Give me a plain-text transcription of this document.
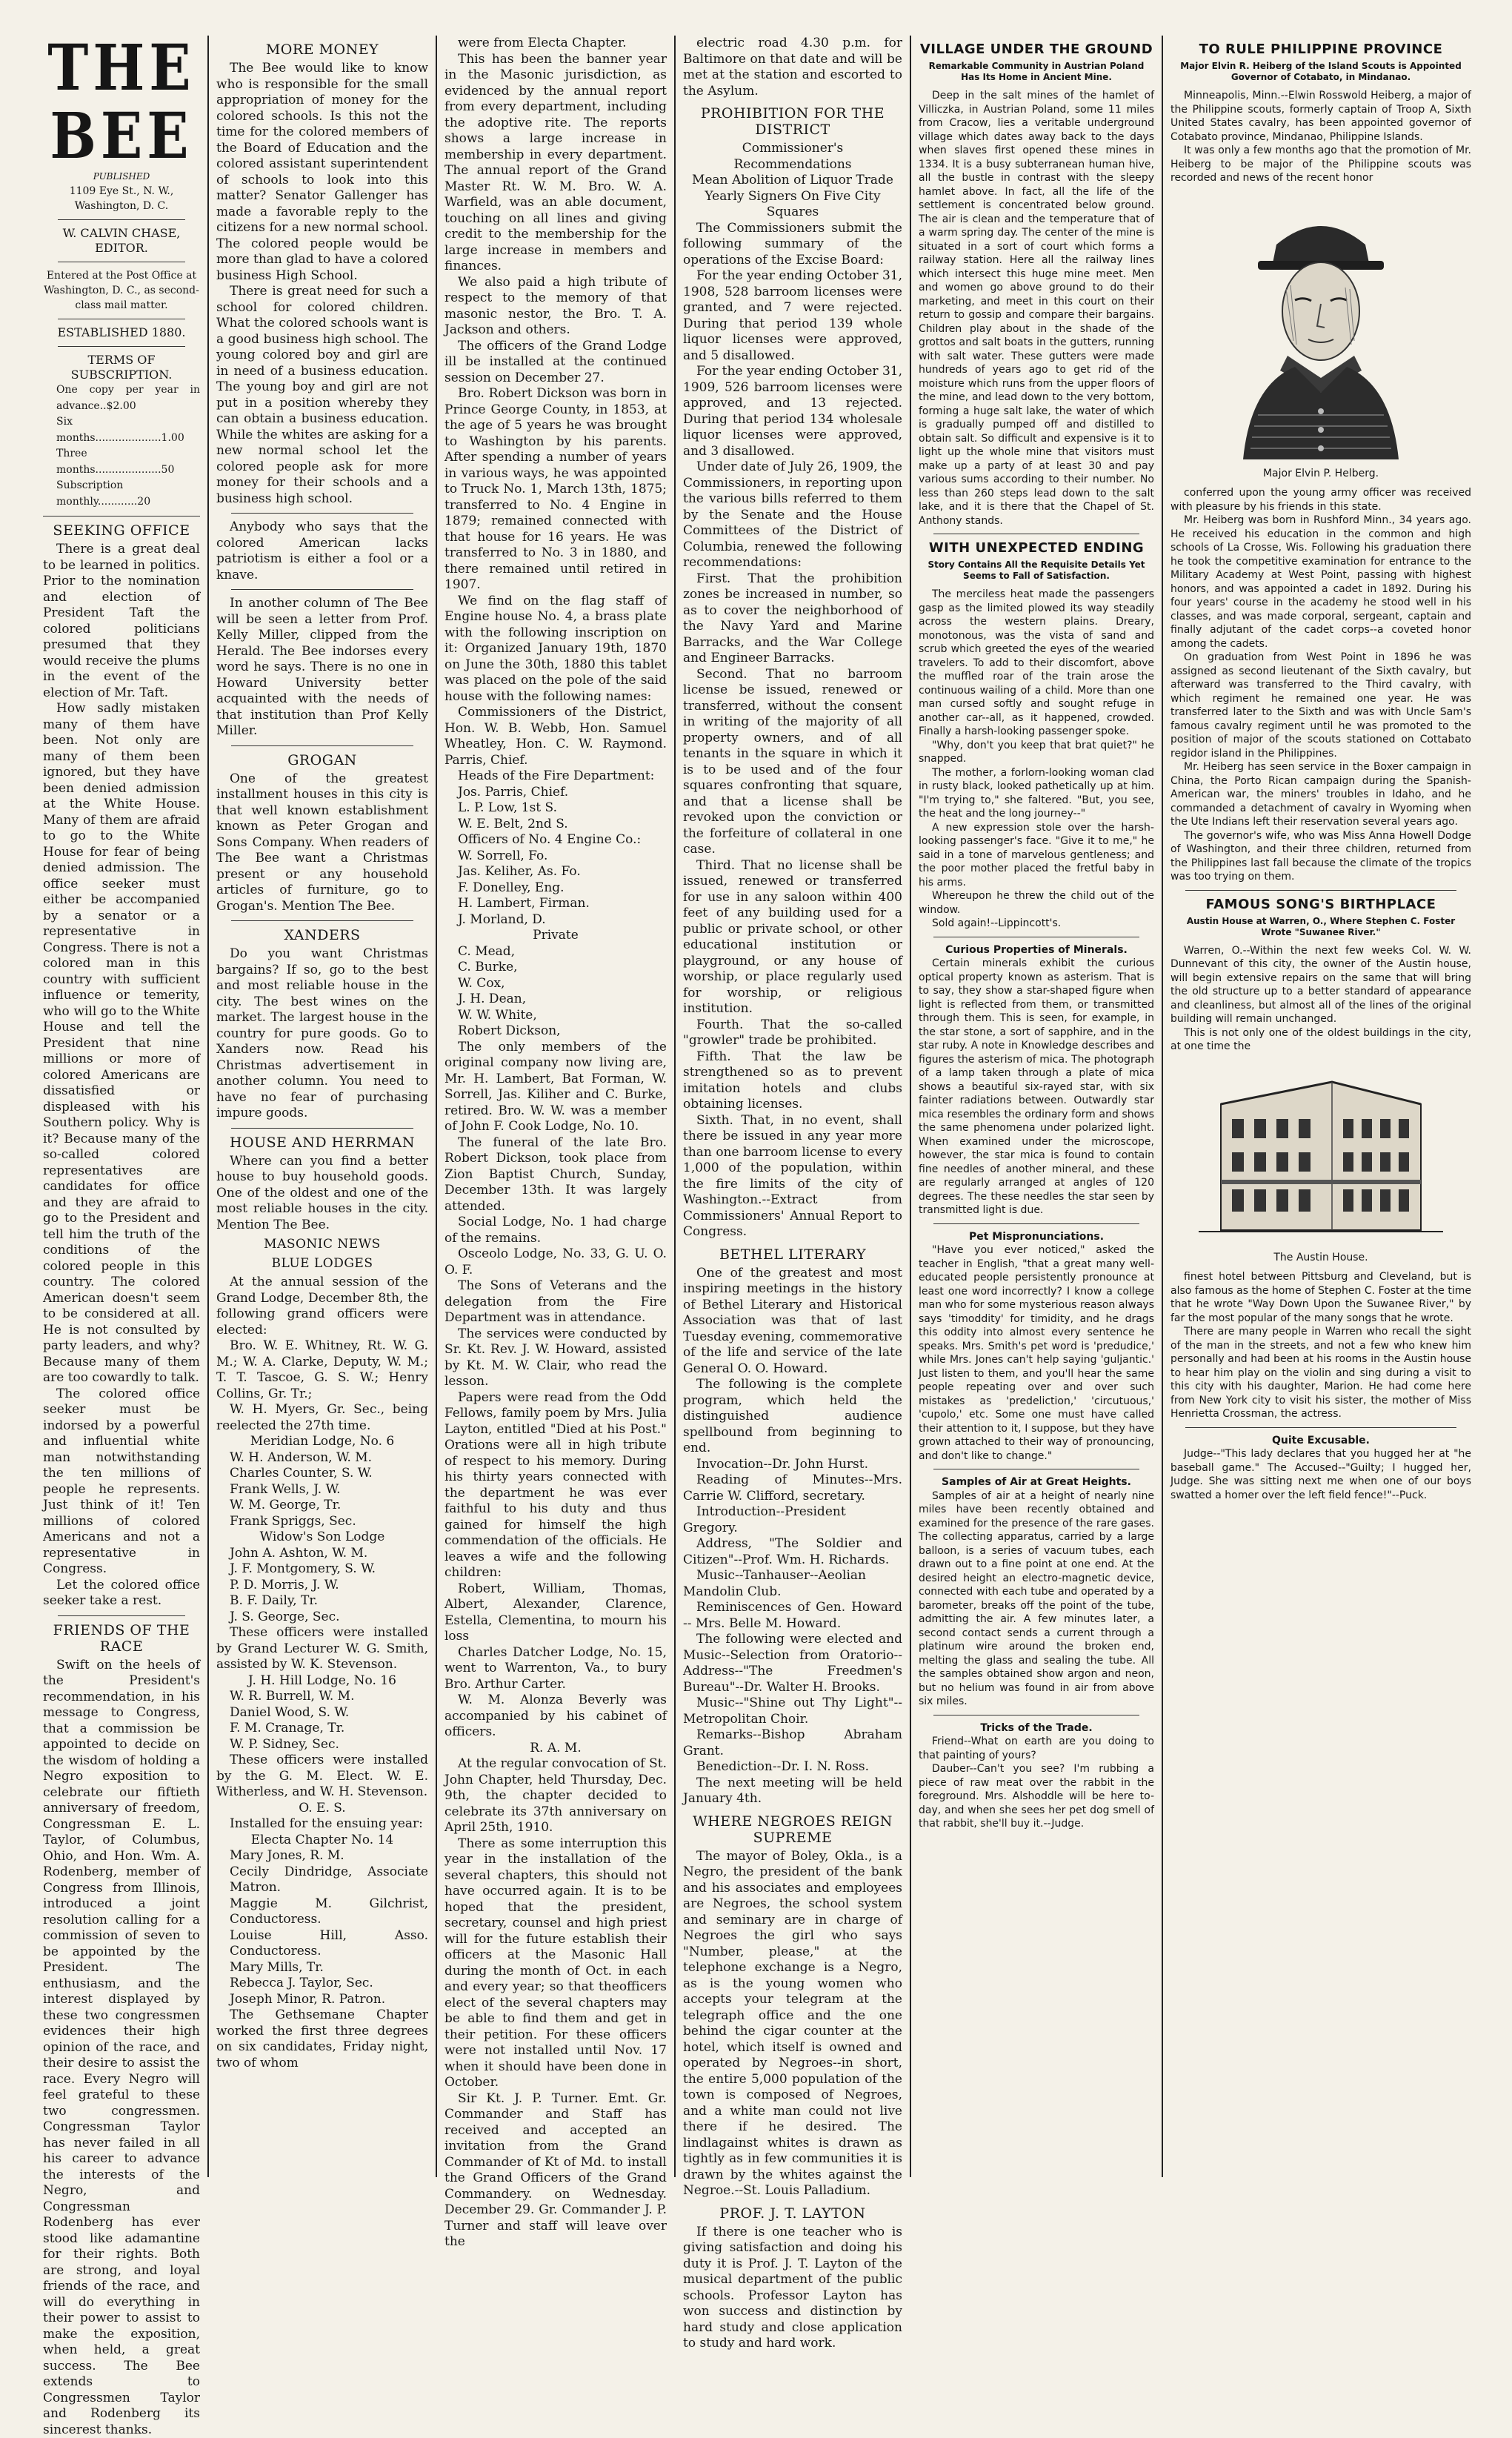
THE BEE

PUBLISHED

1109 Eye St., N. W., Washington, D. C.

W. CALVIN CHASE, EDITOR.

Entered at the Post Office at Washington, D. C., as second-class mail matter.

ESTABLISHED 1880.

TERMS OF SUBSCRIPTION.

One copy per year in advance..$2.00

Six months....................1.00

Three months....................50

Subscription monthly............20

SEEKING OFFICE

There is a great deal to be learned in politics. Prior to the nomination and election of President Taft the colored politicians presumed that they would receive the plums in the event of the election of Mr. Taft.

How sadly mistaken many of them have been. Not only are many of them been ignored, but they have been denied admission at the White House. Many of them are afraid to go to the White House for fear of being denied admission. The office seeker must either be accompanied by a senator or a representative in Congress. There is not a colored man in this country with sufficient influence or temerity, who will go to the White House and tell the President that nine millions or more of colored Americans are dissatisfied or displeased with his Southern policy. Why is it? Because many of the so-called colored representatives are candidates for office and they are afraid to go to the President and tell him the truth of the conditions of the colored people in this country. The colored American doesn't seem to be considered at all. He is not consulted by party leaders, and why? Because many of them are too cowardly to talk.

The colored office seeker must be indorsed by a powerful and influential white man notwithstanding the ten millions of people he represents. Just think of it! Ten millions of colored Americans and not a representative in Congress.

Let the colored office seeker take a rest.

FRIENDS OF THE RACE

Swift on the heels of the President's recommendation, in his message to Congress, that a commission be appointed to decide on the wisdom of holding a Negro exposition to celebrate our fiftieth anniversary of freedom, Congressman E. L. Taylor, of Columbus, Ohio, and Hon. Wm. A. Rodenberg, member of Congress from Illinois, introduced a joint resolution calling for a commission of seven to be appointed by the President. The enthusiasm, and the interest displayed by these two congressmen evidences their high opinion of the race, and their desire to assist the race. Every Negro will feel grateful to these two congressmen. Congressman Taylor has never failed in all his career to advance the interests of the Negro, and Congressman Rodenberg has ever stood like adamantine for their rights. Both are strong, and loyal friends of the race, and will do everything in their power to assist to make the exposition, when held, a great success. The Bee extends to Congressmen Taylor and Rodenberg its sincerest thanks.

MORE MONEY

The Bee would like to know who is responsible for the small appropriation of money for the colored schools. Is this not the time for the colored members of the Board of Education and the colored assistant superintendent of schools to look into this matter? Senator Gallenger has made a favorable reply to the citizens for a new normal school. The colored people would be more than glad to have a colored business High School.

There is great need for such a school for colored children. What the colored schools want is a good business high school. The young colored boy and girl are in need of a business education. The young boy and girl are not put in a position whereby they can obtain a business education. While the whites are asking for a new normal school let the colored people ask for more money for their schools and a business high school.

Anybody who says that the colored American lacks patriotism is either a fool or a knave.

In another column of The Bee will be seen a letter from Prof. Kelly Miller, clipped from the Herald. The Bee indorses every word he says. There is no one in Howard University better acquainted with the needs of that institution than Prof Kelly Miller.

GROGAN

One of the greatest installment houses in this city is that well known establishment known as Peter Grogan and Sons Company. When readers of The Bee want a Christmas present or any household articles of furniture, go to Grogan's. Mention The Bee.

XANDERS

Do you want Christmas bargains? If so, go to the best and most reliable house in the city. The best wines on the market. The largest house in the country for pure goods. Go to Xanders now. Read his Christmas advertisement in another column. You need to have no fear of purchasing impure goods.

HOUSE AND HERRMAN

Where can you find a better house to buy household goods. One of the oldest and one of the most reliable houses in the city. Mention The Bee.

MASONIC NEWS
BLUE LODGES

At the annual session of the Grand Lodge, December 8th, the following grand officers were elected:

Bro. W. E. Whitney, Rt. W. G. M.; W. A. Clarke, Deputy, W. M.; T. T. Tascoe, G. S. W.; Henry Collins, Gr. Tr.;

W. H. Myers, Gr. Sec., being reelected the 27th time.

Meridian Lodge, No. 6

W. H. Anderson, W. M.

Charles Counter, S. W.

Frank Wells, J. W.

W. M. George, Tr.

Frank Spriggs, Sec.

Widow's Son Lodge

John A. Ashton, W. M.

J. F. Montgomery, S. W.

P. D. Morris, J. W.

B. F. Daily, Tr.

J. S. George, Sec.

These officers were installed by Grand Lecturer W. G. Smith, assisted by W. K. Stevenson.

J. H. Hill Lodge, No. 16

W. R. Burrell, W. M.

Daniel Wood, S. W.

F. M. Cranage, Tr.

W. P. Sidney, Sec.

These officers were installed by the G. M. Elect. W. E. Witherless, and W. H. Stevenson.

O. E. S.

Installed for the ensuing year:

Electa Chapter No. 14

Mary Jones, R. M.

Cecily Dindridge, Associate Matron.

Maggie M. Gilchrist, Conductoress.

Louise Hill, Asso. Conductoress.

Mary Mills, Tr.

Rebecca J. Taylor, Sec.

Joseph Minor, R. Patron.

The Gethsemane Chapter worked the first three degrees on six candidates, Friday night, two of whom

were from Electa Chapter.

This has been the banner year in the Masonic jurisdiction, as evidenced by the annual report from every department, including the adoptive rite. The reports shows a large increase in membership in every department. The annual report of the Grand Master Rt. W. M. Bro. W. A. Warfield, was an able document, touching on all lines and giving credit to the membership for the large increase in members and finances.

We also paid a high tribute of respect to the memory of that masonic nestor, the Bro. T. A. Jackson and others.

The officers of the Grand Lodge ill be installed at the continued session on December 27.

Bro. Robert Dickson was born in Prince George County, in 1853, at the age of 5 years he was brought to Washington by his parents. After spending a number of years in various ways, he was appointed to Truck No. 1, March 13th, 1875; transferred to No. 4 Engine in 1879; remained connected with that house for 16 years. He was transferred to No. 3 in 1880, and there remained until retired in 1907.

We find on the flag staff of Engine house No. 4, a brass plate with the following inscription on it: Organized January 19th, 1870 on June the 30th, 1880 this tablet was placed on the pole of the said house with the following names:

Commissioners of the District, Hon. W. B. Webb, Hon. Samuel Wheatley, Hon. C. W. Raymond. Parris, Chief.

Heads of the Fire Department:

Jos. Parris, Chief.

L. P. Low, 1st S.

W. E. Belt, 2nd S.

Officers of No. 4 Engine Co.:

W. Sorrell, Fo.

Jas. Keliher, As. Fo.

F. Donelley, Eng.

H. Lambert, Firman.

J. Morland, D.

Private

C. Mead,

C. Burke,

W. Cox,

J. H. Dean,

W. W. White,

Robert Dickson,

The only members of the original company now living are, Mr. H. Lambert, Bat Forman, W. Sorrell, Jas. Kiliher and C. Burke, retired. Bro. W. W. was a member of John F. Cook Lodge, No. 10.

The funeral of the late Bro. Robert Dickson, took place from Zion Baptist Church, Sunday, December 13th. It was largely attended.

Social Lodge, No. 1 had charge of the remains.

Osceolo Lodge, No. 33, G. U. O. O. F.

The Sons of Veterans and the delegation from the Fire Department was in attendance.

The services were conducted by Sr. Kt. Rev. J. W. Howard, assisted by Kt. M. W. Clair, who read the lesson.

Papers were read from the Odd Fellows, family poem by Mrs. Julia Layton, entitled "Died at his Post." Orations were all in high tribute of respect to his memory. During his thirty years connected with the department he was ever faithful to his duty and thus gained for himself the high commendation of the officials. He leaves a wife and the following children:

Robert, William, Thomas, Albert, Alexander, Clarence, Estella, Clementina, to mourn his loss

Charles Datcher Lodge, No. 15, went to Warrenton, Va., to bury Bro. Arthur Carter.

W. M. Alonza Beverly was accompanied by his cabinet of officers.

R. A. M.

At the regular convocation of St. John Chapter, held Thursday, Dec. 9th, the chapter decided to celebrate its 37th anniversary on April 25th, 1910.

There as some interruption this year in the installation of the several chapters, this should not have occurred again. It is to be hoped that the president, secretary, counsel and high priest will for the future establish their officers at the Masonic Hall during the month of Oct. in each and every year; so that theofficers elect of the several chapters may be able to find them and get in their petition. For these officers were not installed until Nov. 17 when it should have been done in October.

Sir Kt. J. P. Turner. Emt. Gr. Commander and Staff has received and accepted an invitation from the Grand Commander of Kt of Md. to install the Grand Officers of the Grand Commandery. on Wednesday. December 29. Gr. Commander J. P. Turner and staff will leave over the

electric road 4.30 p.m. for Baltimore on that date and will be met at the station and escorted to the Asylum.

PROHIBITION FOR THE DISTRICT

Commissioner's Recommendations

Mean Abolition of Liquor Trade

Yearly Signers On Five City Squares

The Commissioners submit the following summary of the operations of the Excise Board:

For the year ending October 31, 1908, 528 barroom licenses were granted, and 7 were rejected. During that period 139 whole liquor licenses were approved, and 5 disallowed.

For the year ending October 31, 1909, 526 barroom licenses were approved, and 13 rejected. During that period 134 wholesale liquor licenses were approved, and 3 disallowed.

Under date of July 26, 1909, the Commissioners, in reporting upon the various bills referred to them by the Senate and the House Committees of the District of Columbia, renewed the following recommendations:

First. That the prohibition zones be increased in number, so as to cover the neighborhood of the Navy Yard and Marine Barracks, and the War College and Engineer Barracks.

Second. That no barroom license be issued, renewed or transferred, without the consent in writing of the majority of all property owners, and of all tenants in the square in which it is to be used and of the four squares confronting that square, and that a license shall be revoked upon the conviction or the forfeiture of collateral in one case.

Third. That no license shall be issued, renewed or transferred for use in any saloon within 400 feet of any building used for a public or private school, or other educational institution or playground, or any house of worship, or place regularly used for worship, or religious institution.

Fourth. That the so-called "growler" trade be prohibited.

Fifth. That the law be strengthened so as to prevent imitation hotels and clubs obtaining licenses.

Sixth. That, in no event, shall there be issued in any year more than one barroom license to every 1,000 of the population, within the fire limits of the city of Washington.--Extract from Commissioners' Annual Report to Congress.

BETHEL LITERARY

One of the greatest and most inspiring meetings in the history of Bethel Literary and Historical Association was that of last Tuesday evening, commemorative of the life and service of the late General O. O. Howard.

The following is the complete program, which held the distinguished audience spellbound from beginning to end.

Invocation--Dr. John Hurst.

Reading of Minutes--Mrs. Carrie W. Clifford, secretary.

Introduction--President Gregory.

Address, "The Soldier and Citizen"--Prof. Wm. H. Richards.

Music--Tanhauser--Aeolian Mandolin Club.

Reminiscences of Gen. Howard -- Mrs. Belle M. Howard.

The following were elected and Music--Selection from Oratorio--Address--"The Freedmen's Bureau"--Dr. Walter H. Brooks.

Music--"Shine out Thy Light"--Metropolitan Choir.

Remarks--Bishop Abraham Grant.

Benediction--Dr. I. N. Ross.

The next meeting will be held January 4th.

WHERE NEGROES REIGN SUPREME

The mayor of Boley, Okla., is a Negro, the president of the bank and his associates and employees are Negroes, the school system and seminary are in charge of Negroes the girl who says "Number, please," at the telephone exchange is a Negro, as is the young women who accepts your telegram at the telegraph office and the one behind the cigar counter at the hotel, which itself is owned and operated by Negroes--in short, the entire 5,000 population of the town is composed of Negroes, and a white man could not live there if he desired. The lindlagainst whites is drawn as tightly as in few communities it is drawn by the whites against the Negroe.--St. Louis Palladium.

PROF. J. T. LAYTON

If there is one teacher who is giving satisfaction and doing his duty it is Prof. J. T. Layton of the musical department of the public schools. Professor Layton has won success and distinction by hard study and close application to study and hard work.

VILLAGE UNDER THE GROUND
Remarkable Community in Austrian Poland Has Its Home in Ancient Mine.

Deep in the salt mines of the hamlet of Villiczka, in Austrian Poland, some 11 miles from Cracow, lies a veritable underground village which dates away back to the days when slaves first opened these mines in 1334. It is a busy subterranean human hive, all the bustle in contrast with the sleepy hamlet above. In fact, all the life of the settlement is concentrated below ground. The air is clean and the temperature that of a warm spring day. The center of the mine is situated in a sort of court which forms a railway station. Here all the railway lines which intersect this huge mine meet. Men and women go above ground to do their marketing, and meet in this court on their return to gossip and compare their bargains. Children play about in the shade of the grottos and salt boats in the gutters, running with salt water. These gutters were made hundreds of years ago to get rid of the moisture which runs from the upper floors of the mine, and lead down to the very bottom, forming a huge salt lake, the water of which is gradually pumped off and distilled to obtain salt. So difficult and expensive is it to light up the whole mine that visitors must make up a party of at least 30 and pay various sums according to their number. No less than 260 steps lead down to the salt lake, and it is there that the Chapel of St. Anthony stands.

WITH UNEXPECTED ENDING
Story Contains All the Requisite Details Yet Seems to Fall of Satisfaction.

The merciless heat made the passengers gasp as the limited plowed its way steadily across the western plains. Dreary, monotonous, was the vista of sand and scrub which greeted the eyes of the wearied travelers. To add to their discomfort, above the muffled roar of the train arose the continuous wailing of a child. More than one man cursed softly and sought refuge in another car--all, as it happened, crowded. Finally a harsh-looking passenger spoke.

"Why, don't you keep that brat quiet?" he snapped.

The mother, a forlorn-looking woman clad in rusty black, looked pathetically up at him. "I'm trying to," she faltered. "But, you see, the heat and the long journey--"

A new expression stole over the harsh-looking passenger's face. "Give it to me," he said in a tone of marvelous gentleness; and the poor mother placed the fretful baby in his arms.

Whereupon he threw the child out of the window.

Sold again!--Lippincott's.

Curious Properties of Minerals.

Certain minerals exhibit the curious optical property known as asterism. That is to say, they show a star-shaped figure when light is reflected from them, or transmitted through them. This is seen, for example, in the star stone, a sort of sapphire, and in the star ruby. A note in Knowledge describes and figures the asterism of mica. The photograph of a lamp taken through a plate of mica shows a beautiful six-rayed star, with six fainter radiations between. Outwardly star mica resembles the ordinary form and shows the same phenomena under polarized light. When examined under the microscope, however, the star mica is found to contain fine needles of another mineral, and these are regularly arranged at angles of 120 degrees. The these needles the star seen by transmitted light is due.

Pet Mispronunciations.

"Have you ever noticed," asked the teacher in English, "that a great many well-educated people persistently pronounce at least one word incorrectly? I know a college man who for some mysterious reason always says 'timoddity' for timidity, and he drags this oddity into almost every sentence he speaks. Mrs. Smith's pet word is 'predudice,' while Mrs. Jones can't help saying 'guljantic.' Just listen to them, and you'll hear the same people repeating over and over such mistakes as 'predeliction,' 'circutuous,' 'cupolo,' etc. Some one must have called their attention to it, I suppose, but they have grown attached to their way of pronouncing, and don't like to change."

Samples of Air at Great Heights.

Samples of air at a height of nearly nine miles have been recently obtained and examined for the presence of the rare gases. The collecting apparatus, carried by a large balloon, is a series of vacuum tubes, each drawn out to a fine point at one end. At the desired height an electro-magnetic device, connected with each tube and operated by a barometer, breaks off the point of the tube, admitting the air. A few minutes later, a second contact sends a current through a platinum wire around the broken end, melting the glass and sealing the tube. All the samples obtained show argon and neon, but no helium was found in air from above six miles.

Tricks of the Trade.

Friend--What on earth are you doing to that painting of yours?

Dauber--Can't you see? I'm rubbing a piece of raw meat over the rabbit in the foreground. Mrs. Alshoddle will be here to-day, and when she sees her pet dog smell of that rabbit, she'll buy it.--Judge.

TO RULE PHILIPPINE PROVINCE
Major Elvin R. Heiberg of the Island Scouts is Appointed Governor of Cotabato, in Mindanao.

Minneapolis, Minn.--Elwin Rosswold Heiberg, a major of the Philippine scouts, formerly captain of Troop A, Sixth United States cavalry, has been appointed governor of Cotabato province, Mindanao, Philippine Islands.

It was only a few months ago that the promotion of Mr. Heiberg to be major of the Philippine scouts was recorded and news of the recent honor

Major Elvin P. Helberg.

conferred upon the young army officer was received with pleasure by his friends in this state.

Mr. Heiberg was born in Rushford Minn., 34 years ago. He received his education in the common and high schools of La Crosse, Wis. Following his graduation there he took the competitive examination for entrance to the Military Academy at West Point, passing with highest honors, and was appointed a cadet in 1892. During his four years' course in the academy he stood well in his classes, and was made corporal, sergeant, captain and finally adjutant of the cadet corps--a coveted honor among the cadets.

On graduation from West Point in 1896 he was assigned as second lieutenant of the Sixth cavalry, but afterward was transferred to the Third cavalry, with which regiment he remained one year. He was transferred later to the Sixth and was with Uncle Sam's famous cavalry regiment until he was promoted to the position of major of the scouts stationed on Cottabato regidor island in the Philippines.

Mr. Heiberg has seen service in the Boxer campaign in China, the Porto Rican campaign during the Spanish-American war, the miners' troubles in Idaho, and he commanded a detachment of cavalry in Wyoming when the Ute Indians left their reservation several years ago.

The governor's wife, who was Miss Anna Howell Dodge of Washington, and their three children, returned from the Philippines last fall because the climate of the tropics was too trying on them.

FAMOUS SONG'S BIRTHPLACE
Austin House at Warren, O., Where Stephen C. Foster Wrote "Suwanee River."

Warren, O.--Within the next few weeks Col. W. W. Dunnevant of this city, the owner of the Austin house, will begin extensive repairs on the same that will bring the old structure up to a better standard of appearance and cleanliness, but almost all of the lines of the original building will remain unchanged.

This is not only one of the oldest buildings in the city, at one time the

The Austin House.

finest hotel between Pittsburg and Cleveland, but is also famous as the home of Stephen C. Foster at the time that he wrote "Way Down Upon the Suwanee River," by far the most popular of the many songs that he wrote.

There are many people in Warren who recall the sight of the man in the streets, and not a few who knew him personally and had been at his rooms in the Austin house to hear him play on the violin and sing during a visit to this city with his daughter, Marion. He had come here from New York city to visit his sister, the mother of Miss Henrietta Crossman, the actress.

Quite Excusable.

Judge--"This lady declares that you hugged her at "he baseball game." The Accused--"Guilty; I hugged her, Judge. She was sitting next me when one of our boys swatted a homer over the left field fence!"--Puck.
